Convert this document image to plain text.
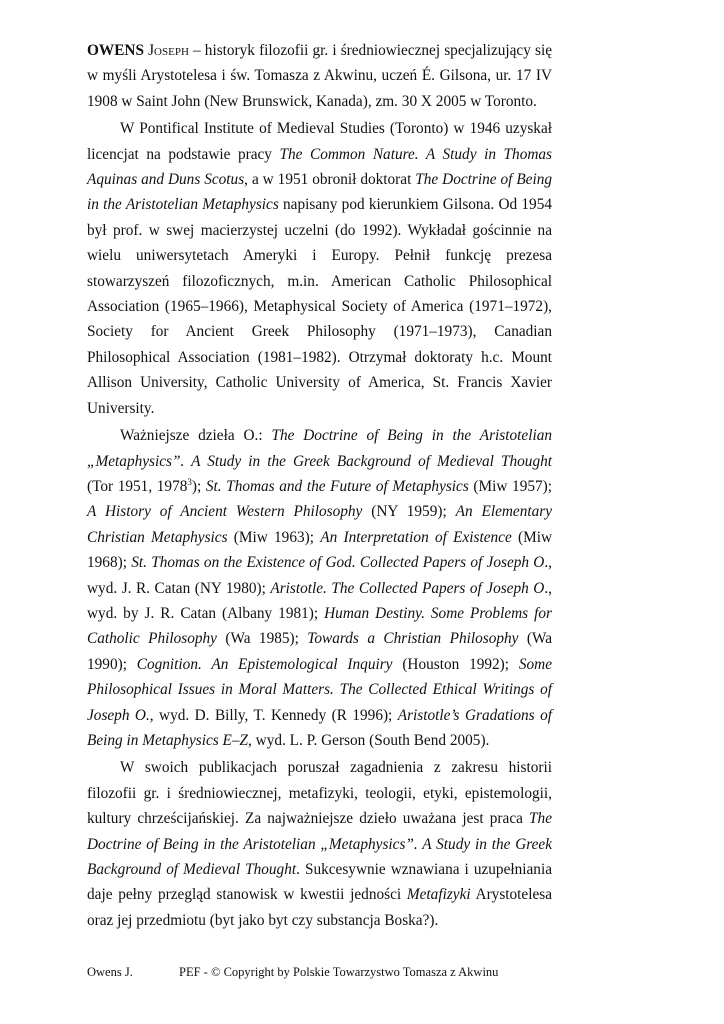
OWENS Joseph – historyk filozofii gr. i średniowiecznej specjalizujący się w myśli Arystotelesa i św. Tomasza z Akwinu, uczeń É. Gilsona, ur. 17 IV 1908 w Saint John (New Brunswick, Kanada), zm. 30 X 2005 w Toronto.

W Pontifical Institute of Medieval Studies (Toronto) w 1946 uzyskał licencjat na podstawie pracy The Common Nature. A Study in Thomas Aquinas and Duns Scotus, a w 1951 obronił doktorat The Doctrine of Being in the Aristotelian Metaphysics napisany pod kierunkiem Gilsona. Od 1954 był prof. w swej macierzystej uczelni (do 1992). Wykładał gościnnie na wielu uniwersytetach Ameryki i Europy. Pełnił funkcję prezesa stowarzyszeń filozoficznych, m.in. American Catholic Philosophical Association (1965–1966), Metaphysical Society of America (1971–1972), Society for Ancient Greek Philosophy (1971–1973), Canadian Philosophical Association (1981–1982). Otrzymał doktoraty h.c. Mount Allison University, Catholic University of America, St. Francis Xavier University.

Ważniejsze dzieła O.: The Doctrine of Being in the Aristotelian „Metaphysics”. A Study in the Greek Background of Medieval Thought (Tor 1951, 1978$^3$); St. Thomas and the Future of Metaphysics (Miw 1957); A History of Ancient Western Philosophy (NY 1959); An Elementary Christian Metaphysics (Miw 1963); An Interpretation of Existence (Miw 1968); St. Thomas on the Existence of God. Collected Papers of Joseph O., wyd. J. R. Catan (NY 1980); Aristotle. The Collected Papers of Joseph O., wyd. by J. R. Catan (Albany 1981); Human Destiny. Some Problems for Catholic Philosophy (Wa 1985); Towards a Christian Philosophy (Wa 1990); Cognition. An Epistemological Inquiry (Houston 1992); Some Philosophical Issues in Moral Matters. The Collected Ethical Writings of Joseph O., wyd. D. Billy, T. Kennedy (R 1996); Aristotle’s Gradations of Being in Metaphysics E–Z, wyd. L. P. Gerson (South Bend 2005).

W swoich publikacjach poruszał zagadnienia z zakresu historii filozofii gr. i średniowiecznej, metafizyki, teologii, etyki, epistemologii, kultury chrześcijańskiej. Za najważniejsze dzieło uważana jest praca The Doctrine of Being in the Aristotelian „Metaphysics”. A Study in the Greek Background of Medieval Thought. Sukcesywnie wznawiana i uzupełniania daje pełny przegląd stanowisk w kwestii jedności Metafizyki Arystotelesa oraz jej przedmiotu (byt jako byt czy substancja Boska?).

Owens J.	PEF - © Copyright by Polskie Towarzystwo Tomasza z Akwinu
